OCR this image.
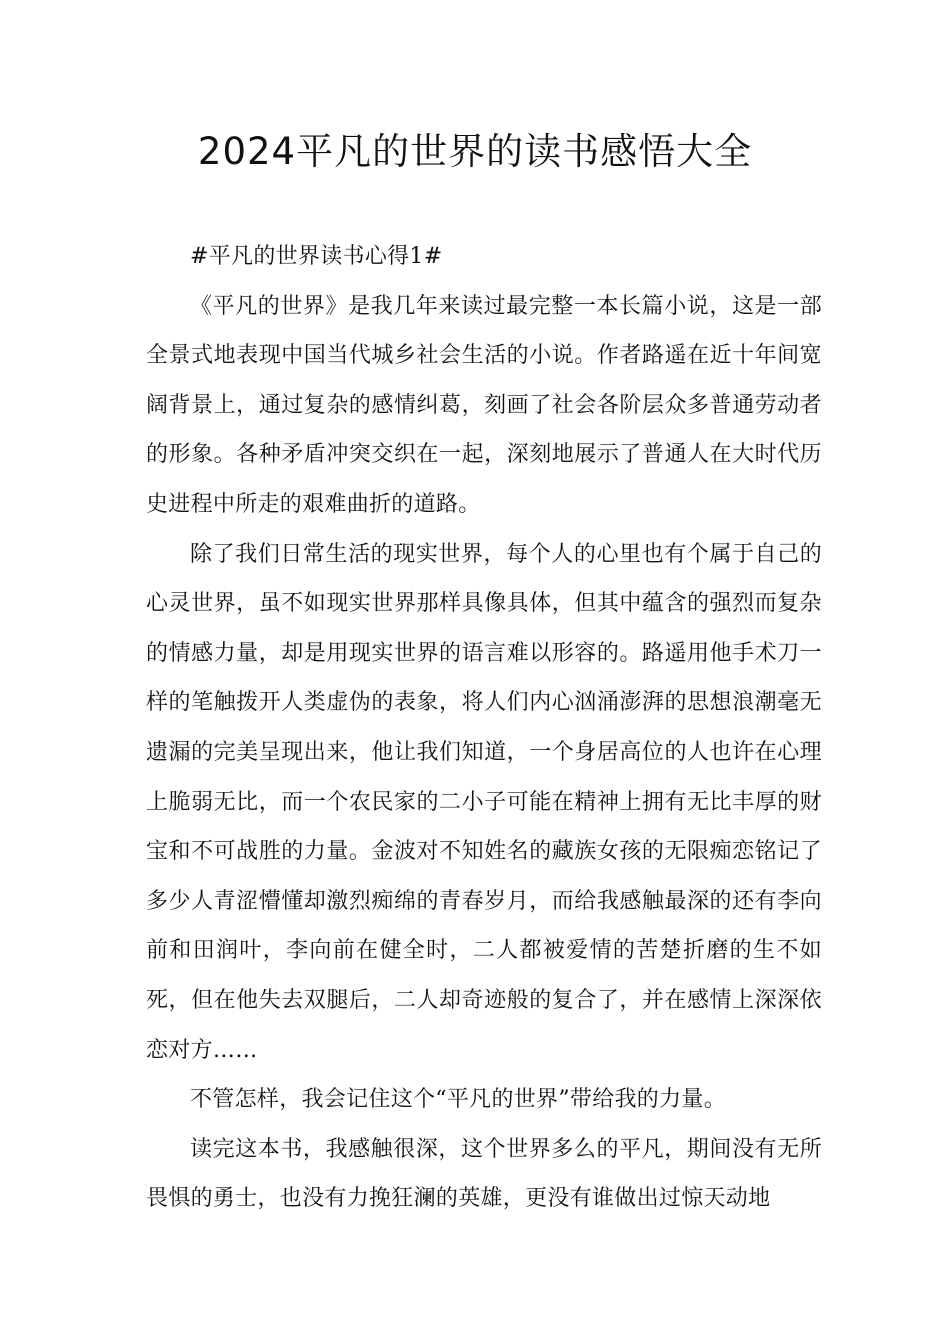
2024平凡的世界的读书感悟大全

#平凡的世界读书心得1#

《平凡的世界》是我几年来读过最完整一本长篇小说，这是一部全景式地表现中国当代城乡社会生活的小说。作者路遥在近十年间宽阔背景上，通过复杂的感情纠葛，刻画了社会各阶层众多普通劳动者的形象。各种矛盾冲突交织在一起，深刻地展示了普通人在大时代历史进程中所走的艰难曲折的道路。

除了我们日常生活的现实世界，每个人的心里也有个属于自己的心灵世界，虽不如现实世界那样具像具体，但其中蕴含的强烈而复杂的情感力量，却是用现实世界的语言难以形容的。路遥用他手术刀一样的笔触拨开人类虚伪的表象，将人们内心汹涌澎湃的思想浪潮毫无遗漏的完美呈现出来，他让我们知道，一个身居高位的人也许在心理上脆弱无比，而一个农民家的二小子可能在精神上拥有无比丰厚的财宝和不可战胜的力量。金波对不知姓名的藏族女孩的无限痴恋铭记了多少人青涩懵懂却激烈痴绵的青春岁月，而给我感触最深的还有李向前和田润叶，李向前在健全时，二人都被爱情的苦楚折磨的生不如死，但在他失去双腿后，二人却奇迹般的复合了，并在感情上深深依恋对方……

不管怎样，我会记住这个“平凡的世界”带给我的力量。

读完这本书，我感触很深，这个世界多么的平凡，期间没有无所畏惧的勇士，也没有力挽狂澜的英雄，更没有谁做出过惊天动地
